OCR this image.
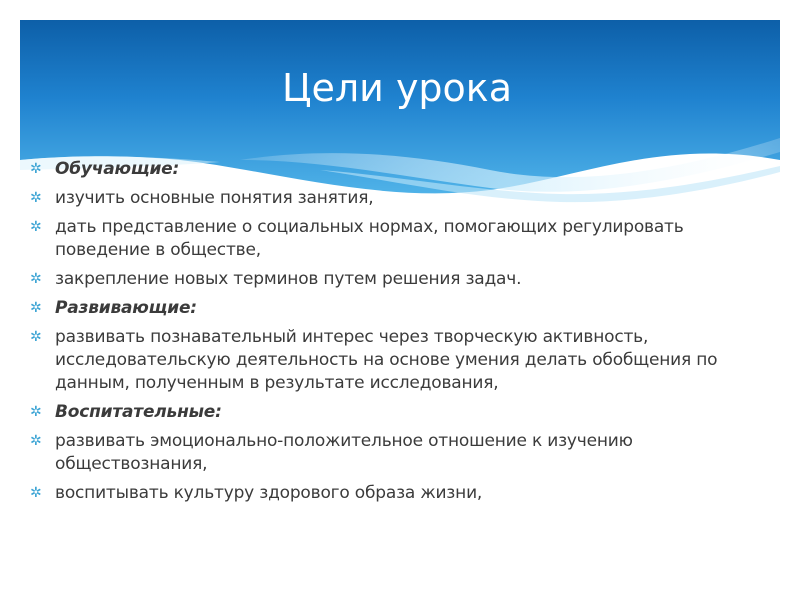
Цели урока
✲ Обучающие:
✲ изучить основные понятия занятия,
✲ дать представление о социальных нормах, помогающих регулировать поведение в обществе,
✲ закрепление новых терминов путем решения задач.
✲ Развивающие:
✲ развивать познавательный интерес через творческую активность, исследовательскую деятельность на основе умения делать обобщения по данным, полученным в результате исследования,
✲ Воспитательные:
✲ развивать эмоционально-положительное отношение к изучению обществознания,
✲ воспитывать культуру здорового образа жизни,
